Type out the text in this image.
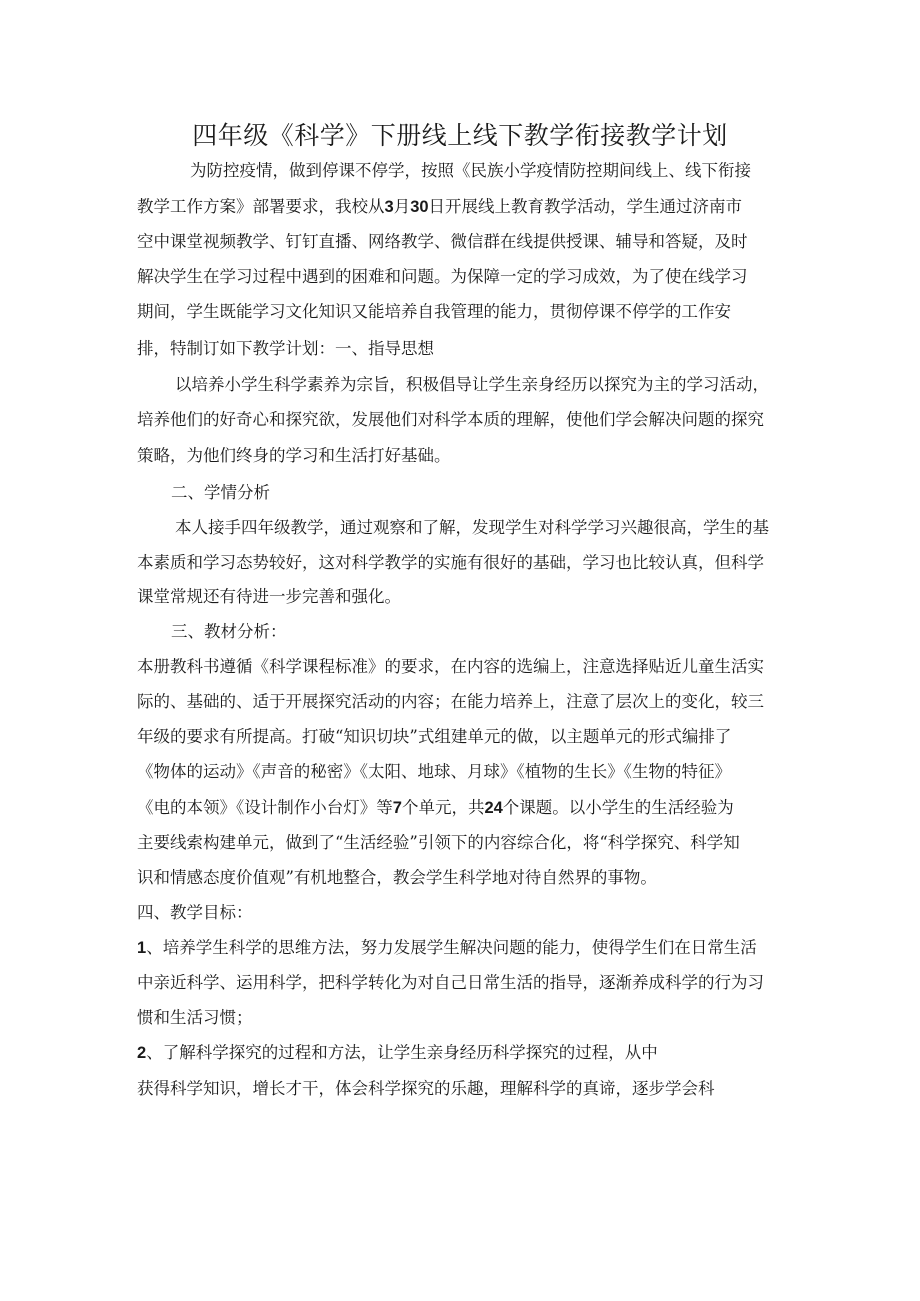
四年级《科学》下册线上线下教学衔接教学计划
为防控疫情，做到停课不停学，按照《民族小学疫情防控期间线上、线下衔接
教学工作方案》部署要求，我校从3月30日开展线上教育教学活动，学生通过济南市
空中课堂视频教学、钉钉直播、网络教学、微信群在线提供授课、辅导和答疑，及时
解决学生在学习过程中遇到的困难和问题。为保障一定的学习成效，为了使在线学习
期间，学生既能学习文化知识又能培养自我管理的能力，贯彻停课不停学的工作安
排，特制订如下教学计划：一、指导思想
以培养小学生科学素养为宗旨，积极倡导让学生亲身经历以探究为主的学习活动，
培养他们的好奇心和探究欲，发展他们对科学本质的理解，使他们学会解决问题的探究
策略，为他们终身的学习和生活打好基础。
二、学情分析
本人接手四年级教学，通过观察和了解，发现学生对科学学习兴趣很高，学生的基
本素质和学习态势较好，这对科学教学的实施有很好的基础，学习也比较认真，但科学
课堂常规还有待进一步完善和强化。
三、教材分析：
本册教科书遵循《科学课程标准》的要求，在内容的选编上，注意选择贴近儿童生活实
际的、基础的、适于开展探究活动的内容；在能力培养上，注意了层次上的变化，较三
年级的要求有所提高。打破“知识切块”式组建单元的做，以主题单元的形式编排了
《物体的运动》《声音的秘密》《太阳、地球、月球》《植物的生长》《生物的特征》
《电的本领》《设计制作小台灯》等7个单元，共24个课题。以小学生的生活经验为
主要线索构建单元，做到了“生活经验”引领下的内容综合化，将“科学探究、科学知
识和情感态度价值观”有机地整合，教会学生科学地对待自然界的事物。
四、教学目标：
1、培养学生科学的思维方法，努力发展学生解决问题的能力，使得学生们在日常生活
中亲近科学、运用科学，把科学转化为对自己日常生活的指导，逐渐养成科学的行为习
惯和生活习惯；
2、了解科学探究的过程和方法，让学生亲身经历科学探究的过程，从中
获得科学知识，增长才干，体会科学探究的乐趣，理解科学的真谛，逐步学会科
